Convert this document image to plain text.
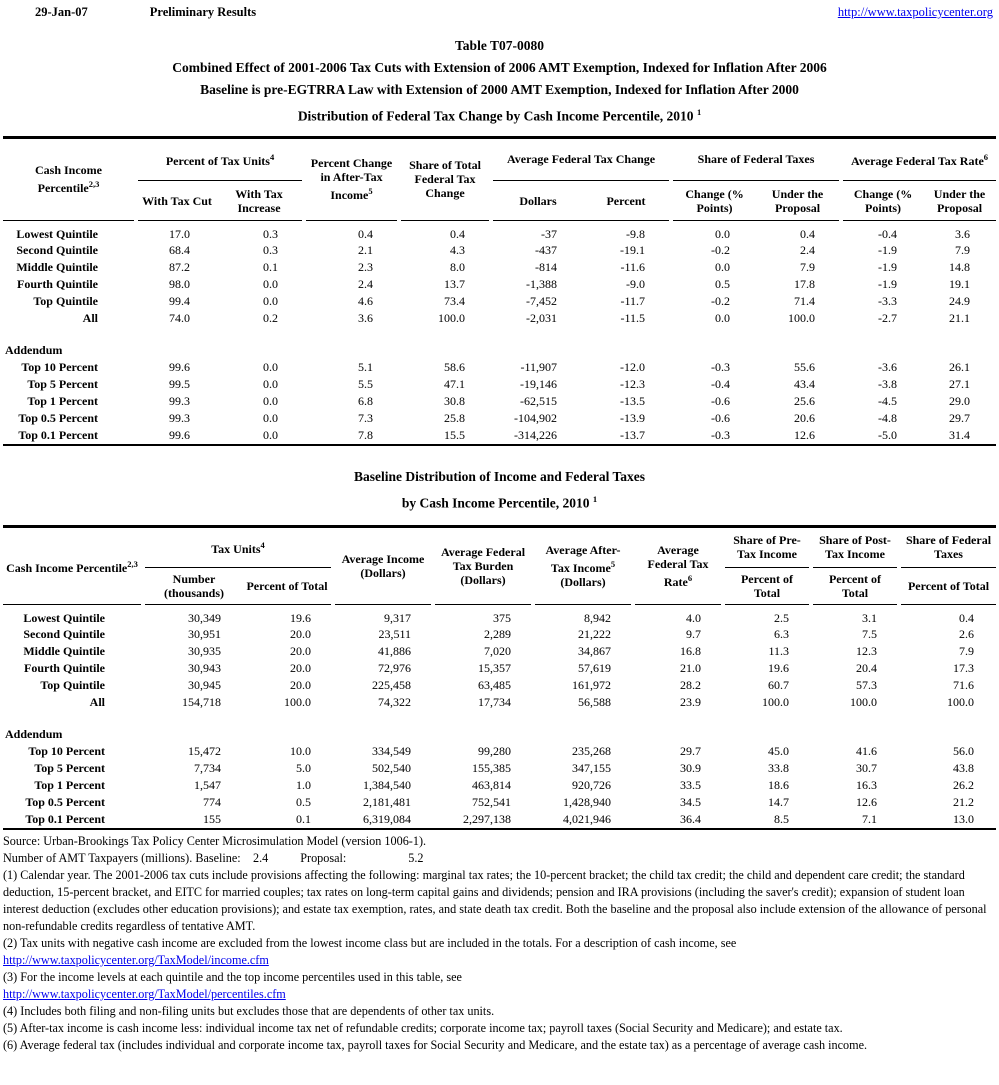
29-Jan-07	Preliminary Results	http://www.taxpolicycenter.org
Table T07-0080
Combined Effect of 2001-2006 Tax Cuts with Extension of 2006 AMT Exemption, Indexed for Inflation After 2006
Baseline is pre-EGTRRA Law with Extension of 2000 AMT Exemption, Indexed for Inflation After 2000
Distribution of Federal Tax Change by Cash Income Percentile, 2010 $^1$
Cash Income Percentile$^{2,3}$	Percent of Tax Units$^4$		Percent Change in After-Tax Income$^5$	Share of Total Federal Tax Change	Average Federal Tax Change		Share of Federal Taxes		Average Federal Tax Rate$^6$
	With Tax Cut	With Tax Increase			Dollars	Percent	Change (% Points)	Under the Proposal	Change (% Points)	Under the Proposal
Lowest Quintile	17.0	0.3	0.4	0.4	-37	-9.8	0.0	0.4	-0.4	3.6
Second Quintile	68.4	0.3	2.1	4.3	-437	-19.1	-0.2	2.4	-1.9	7.9
Middle Quintile	87.2	0.1	2.3	8.0	-814	-11.6	0.0	7.9	-1.9	14.8
Fourth Quintile	98.0	0.0	2.4	13.7	-1,388	-9.0	0.5	17.8	-1.9	19.1
Top Quintile	99.4	0.0	4.6	73.4	-7,452	-11.7	-0.2	71.4	-3.3	24.9
All	74.0	0.2	3.6	100.0	-2,031	-11.5	0.0	100.0	-2.7	21.1

Addendum										
Top 10 Percent	99.6	0.0	5.1	58.6	-11,907	-12.0	-0.3	55.6	-3.6	26.1
Top 5 Percent	99.5	0.0	5.5	47.1	-19,146	-12.3	-0.4	43.4	-3.8	27.1
Top 1 Percent	99.3	0.0	6.8	30.8	-62,515	-13.5	-0.6	25.6	-4.5	29.0
Top 0.5 Percent	99.3	0.0	7.3	25.8	-104,902	-13.9	-0.6	20.6	-4.8	29.7
Top 0.1 Percent	99.6	0.0	7.8	15.5	-314,226	-13.7	-0.3	12.6	-5.0	31.4
Baseline Distribution of Income and Federal Taxes
by Cash Income Percentile, 2010 $^1$
Cash Income Percentile$^{2,3}$	Tax Units$^4$		Average Income (Dollars)	Average Federal Tax Burden (Dollars)	Average After-Tax Income$^5$ (Dollars)	Average Federal Tax Rate$^6$	Share of Pre-Tax Income	Share of Post-Tax Income	Share of Federal Taxes
	Number (thousands)	Percent of Total					Percent of Total	Percent of Total	Percent of Total
Lowest Quintile	30,349	19.6	9,317	375	8,942	4.0	2.5	3.1	0.4
Second Quintile	30,951	20.0	23,511	2,289	21,222	9.7	6.3	7.5	2.6
Middle Quintile	30,935	20.0	41,886	7,020	34,867	16.8	11.3	12.3	7.9
Fourth Quintile	30,943	20.0	72,976	15,357	57,619	21.0	19.6	20.4	17.3
Top Quintile	30,945	20.0	225,458	63,485	161,972	28.2	60.7	57.3	71.6
All	154,718	100.0	74,322	17,734	56,588	23.9	100.0	100.0	100.0

Addendum									
Top 10 Percent	15,472	10.0	334,549	99,280	235,268	29.7	45.0	41.6	56.0
Top 5 Percent	7,734	5.0	502,540	155,385	347,155	30.9	33.8	30.7	43.8
Top 1 Percent	1,547	1.0	1,384,540	463,814	920,726	33.5	18.6	16.3	26.2
Top 0.5 Percent	774	0.5	2,181,481	752,541	1,428,940	34.5	14.7	12.6	21.2
Top 0.1 Percent	155	0.1	6,319,084	2,297,138	4,021,946	36.4	8.5	7.1	13.0
Source: Urban-Brookings Tax Policy Center Microsimulation Model (version 1006-1).
Number of AMT Taxpayers (millions). Baseline: 2.4	Proposal:	5.2
(1) Calendar year. The 2001-2006 tax cuts include provisions affecting the following: marginal tax rates; the 10-percent bracket; the child tax credit; the child and dependent care credit; the standard deduction, 15-percent bracket, and EITC for married couples; tax rates on long-term capital gains and dividends; pension and IRA provisions (including the saver's credit); expansion of student loan interest deduction (excludes other education provisions); and estate tax exemption, rates, and state death tax credit. Both the baseline and the proposal also include extension of the allowance of personal non-refundable credits regardless of tentative AMT.
(2) Tax units with negative cash income are excluded from the lowest income class but are included in the totals. For a description of cash income, see
http://www.taxpolicycenter.org/TaxModel/income.cfm
(3) For the income levels at each quintile and the top income percentiles used in this table, see
http://www.taxpolicycenter.org/TaxModel/percentiles.cfm
(4) Includes both filing and non-filing units but excludes those that are dependents of other tax units.
(5) After-tax income is cash income less: individual income tax net of refundable credits; corporate income tax; payroll taxes (Social Security and Medicare); and estate tax.
(6) Average federal tax (includes individual and corporate income tax, payroll taxes for Social Security and Medicare, and the estate tax) as a percentage of average cash income.
